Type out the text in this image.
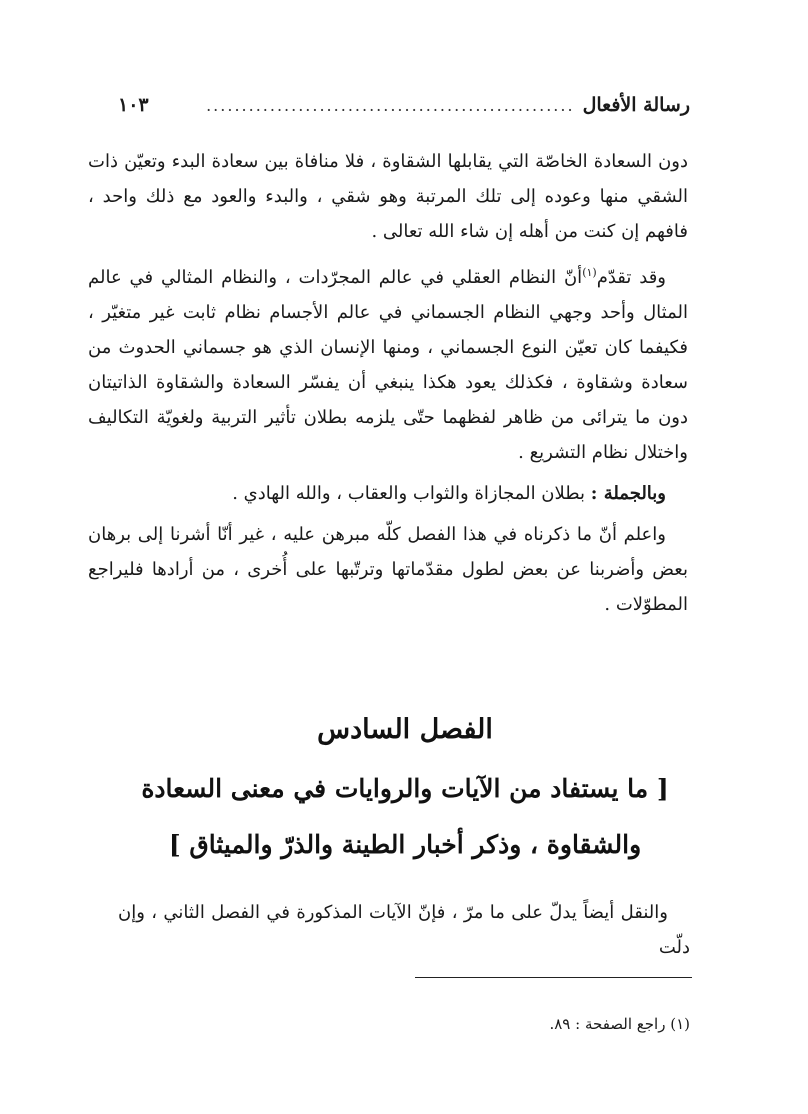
رسالة الأفعال
....................................................
١٠٣

دون السعادة الخاصّة التي يقابلها الشقاوة ، فلا منافاة بين سعادة البدء وتعيّن ذات الشقي منها وعوده إلى تلك المرتبة وهو شقي ، والبدء والعود مع ذلك واحد ، فافهم إن كنت من أهله إن شاء الله تعالى .

وقد تقدّم$^{(١)}$أنّ النظام العقلي في عالم المجرّدات ، والنظام المثالي في عالم المثال وأحد وجهي النظام الجسماني في عالم الأجسام نظام ثابت غير متغيّر ، فكيفما كان تعيّن النوع الجسماني ، ومنها الإنسان الذي هو جسماني الحدوث من سعادة وشقاوة ، فكذلك يعود هكذا ينبغي أن يفسّر السعادة والشقاوة الذاتيتان دون ما يترائى من ظاهر لفظهما حتّى يلزمه بطلان تأثير التربية ولغويّة التكاليف واختلال نظام التشريع .

وبالجملة : بطلان المجازاة والثواب والعقاب ، والله الهادي .

واعلم أنّ ما ذكرناه في هذا الفصل كلّه مبرهن عليه ، غير أنّا أشرنا إلى برهان بعض وأضربنا عن بعض لطول مقدّماتها وترتّبها على أُخرى ، من أرادها فليراجع المطوّلات .

الفصل السادس
[ ما يستفاد من الآيات والروايات في معنى السعادة
والشقاوة ، وذكر أخبار الطينة والذرّ والميثاق ]
والنقل أيضاً يدلّ على ما مرّ ، فإنّ الآيات المذكورة في الفصل الثاني ، وإن دلّت
(١) راجع الصفحة : ٨٩.
